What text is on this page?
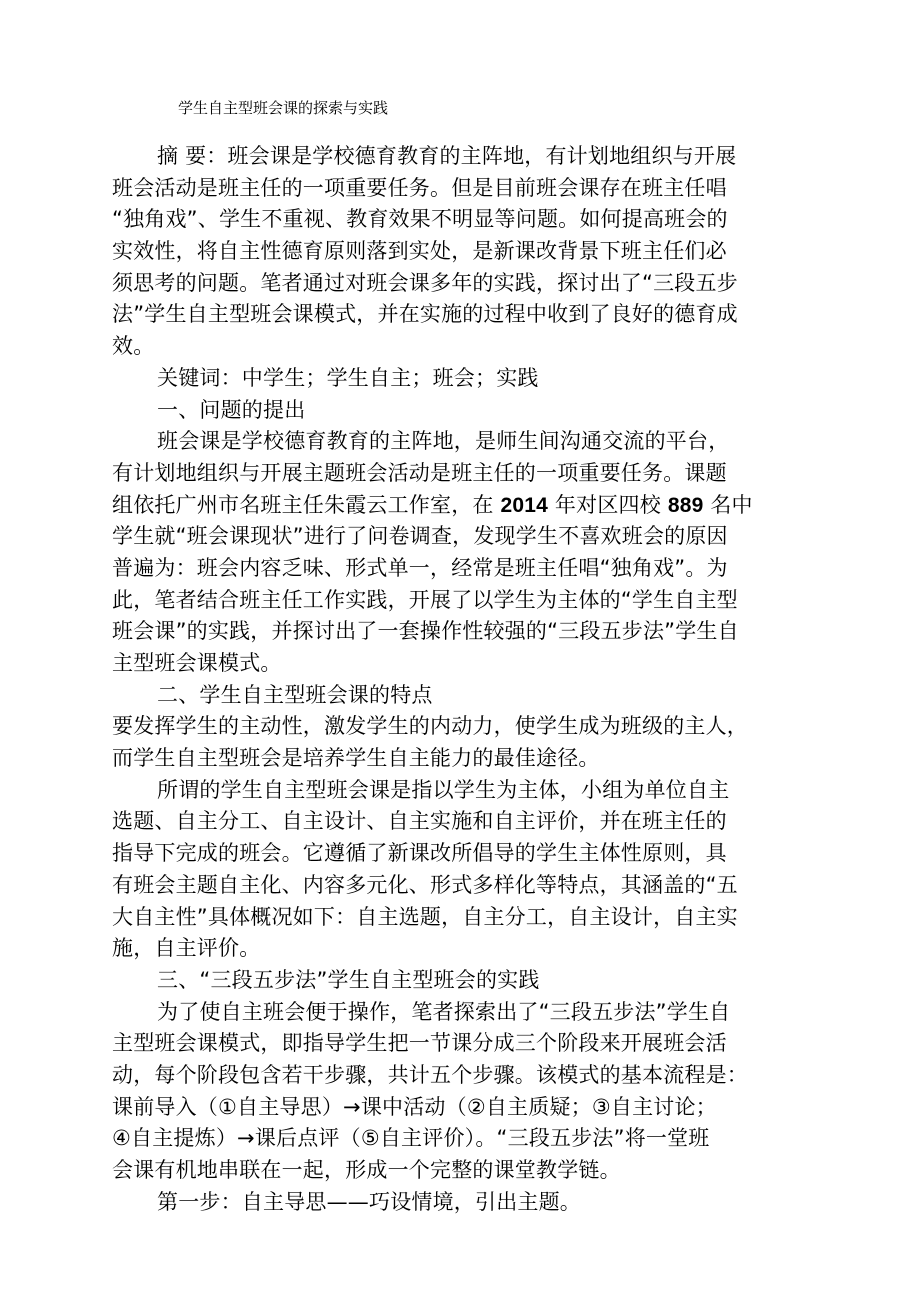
学生自主型班会课的探索与实践
摘 要：班会课是学校德育教育的主阵地，有计划地组织与开展
班会活动是班主任的一项重要任务。但是目前班会课存在班主任唱
“独角戏”、学生不重视、教育效果不明显等问题。如何提高班会的
实效性，将自主性德育原则落到实处，是新课改背景下班主任们必
须思考的问题。笔者通过对班会课多年的实践，探讨出了“三段五步
法”学生自主型班会课模式，并在实施的过程中收到了良好的德育成
效。
关键词：中学生；学生自主；班会；实践
一、问题的提出
班会课是学校德育教育的主阵地，是师生间沟通交流的平台，
有计划地组织与开展主题班会活动是班主任的一项重要任务。课题
组依托广州市名班主任朱霞云工作室，在 2014 年对区四校 889 名中
学生就“班会课现状”进行了问卷调查，发现学生不喜欢班会的原因
普遍为：班会内容乏味、形式单一，经常是班主任唱“独角戏”。为
此，笔者结合班主任工作实践，开展了以学生为主体的“学生自主型
班会课”的实践，并探讨出了一套操作性较强的“三段五步法”学生自
主型班会课模式。
二、学生自主型班会课的特点
要发挥学生的主动性，激发学生的内动力，使学生成为班级的主人，
而学生自主型班会是培养学生自主能力的最佳途径。
所谓的学生自主型班会课是指以学生为主体，小组为单位自主
选题、自主分工、自主设计、自主实施和自主评价，并在班主任的
指导下完成的班会。它遵循了新课改所倡导的学生主体性原则，具
有班会主题自主化、内容多元化、形式多样化等特点，其涵盖的“五
大自主性”具体概况如下：自主选题，自主分工，自主设计，自主实
施，自主评价。
三、“三段五步法”学生自主型班会的实践
为了使自主班会便于操作，笔者探索出了“三段五步法”学生自
主型班会课模式，即指导学生把一节课分成三个阶段来开展班会活
动，每个阶段包含若干步骤，共计五个步骤。该模式的基本流程是：
课前导入（①自主导思）→课中活动（②自主质疑；③自主讨论；
④自主提炼）→课后点评（⑤自主评价）。“三段五步法”将一堂班
会课有机地串联在一起，形成一个完整的课堂教学链。
第一步：自主导思——巧设情境，引出主题。
